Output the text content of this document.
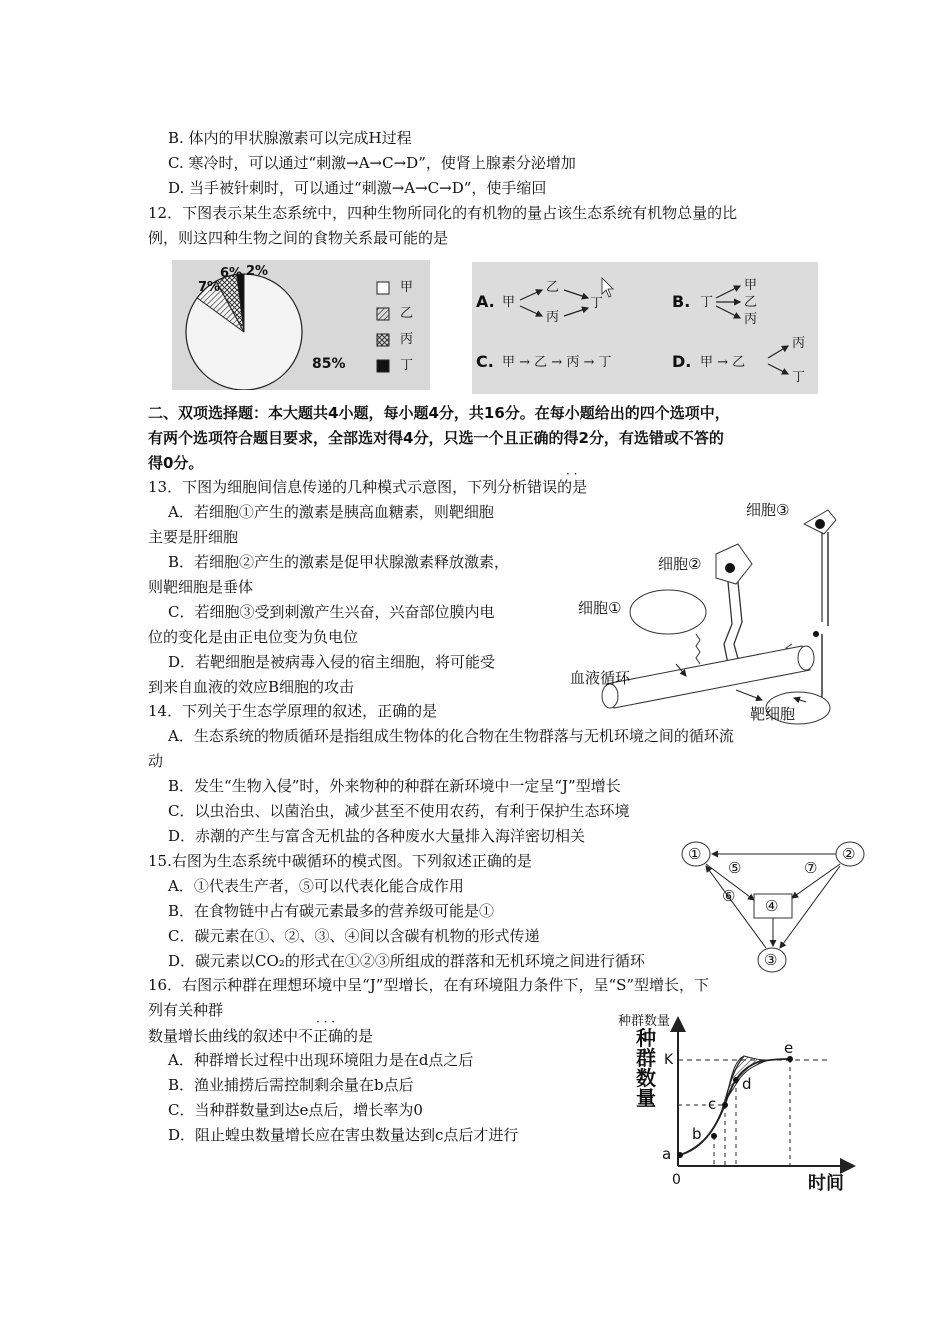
B. 体内的甲状腺激素可以完成H过程
C. 寒冷时，可以通过“刺激→A→C→D”，使肾上腺素分泌增加
D. 当手被针刺时，可以通过“刺激→A→C→D”，使手缩回
12．下图表示某生态系统中，四种生物所同化的有机物的量占该生态系统有机物总量的比
例，则这四种生物之间的食物关系最可能的是
7%
6% 2%
85%
甲
乙
丙
丁
A. 甲
乙
丙
丁	B. 丁
甲
乙
丙
C. 甲 → 乙 → 丙 → 丁	D. 甲 → 乙
丙
丁
二、双项选择题：本大题共4小题，每小题4分，共16分。在每小题给出的四个选项中，
有两个选项符合题目要求，全部选对得4分，只选一个且正确的得2分，有选错或不答的
得0分。
13．下图为细胞间信息传递的几种模式示意图，下列分析错误的是
· ·
A．若细胞①产生的激素是胰高血糖素，则靶细胞
主要是肝细胞
B．若细胞②产生的激素是促甲状腺激素释放激素，
则靶细胞是垂体
C．若细胞③受到刺激产生兴奋，兴奋部位膜内电
位的变化是由正电位变为负电位
D．若靶细胞是被病毒入侵的宿主细胞，将可能受
到来自血液的效应B细胞的攻击
细胞③
细胞②
细胞①
血液循环
靶细胞
14．下列关于生态学原理的叙述，正确的是
A．生态系统的物质循环是指组成生物体的化合物在生物群落与无机环境之间的循环流
动
B．发生“生物入侵”时，外来物种的种群在新环境中一定呈“J”型增长
C．以虫治虫、以菌治虫，减少甚至不使用农药，有利于保护生态环境
D．赤潮的产生与富含无机盐的各种废水大量排入海洋密切相关
15.右图为生态系统中碳循环的模式图。下列叙述正确的是
A．①代表生产者，⑤可以代表化能合成作用
B．在食物链中占有碳元素最多的营养级可能是①
C．碳元素在①、②、③、④间以含碳有机物的形式传递
D．碳元素以CO₂的形式在①②③所组成的群落和无机环境之间进行循环
①	②
③
④
⑤
⑥
⑦
16．右图示种群在理想环境中呈“J”型增长，在有环境阻力条件下，呈“S”型增长，下
列有关种群
数量增长曲线的叙述中不正确的是
· · ·
A．种群增长过程中出现环境阻力是在d点之后
B．渔业捕捞后需控制剩余量在b点后
C．当种群数量到达e点后，增长率为0
D．阻止蝗虫数量增长应在害虫数量达到c点后才进行
种群数量
种群数量
K
0	时间
a
b
c
d
e
